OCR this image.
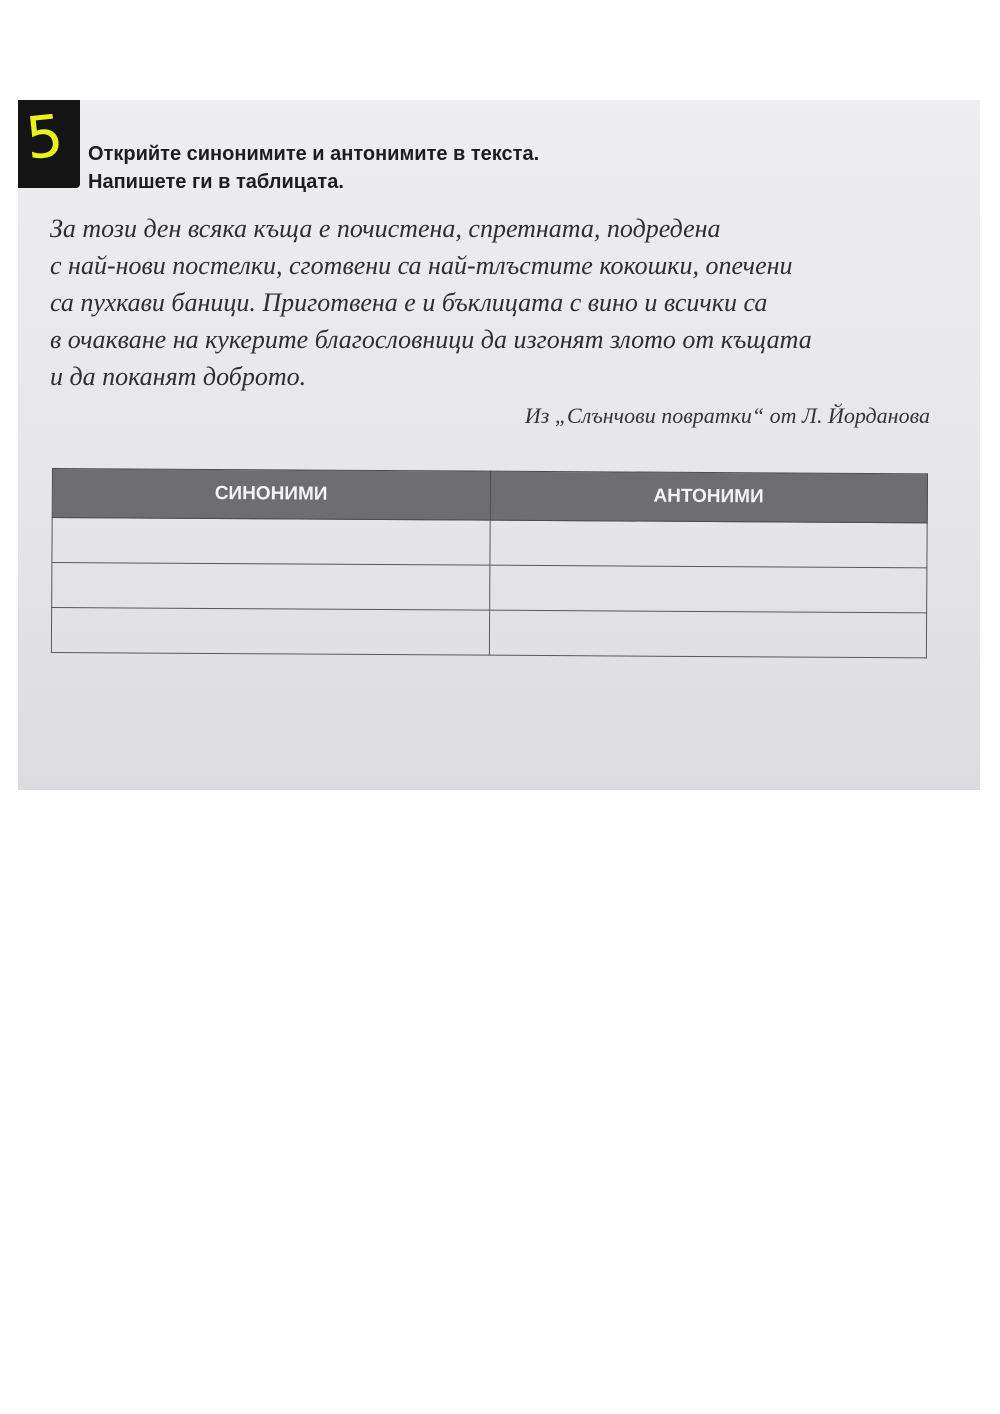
5 Открийте синонимите и антонимите в текста.
Напишете ги в таблицата.
За този ден всяка къща е почистена, спретната, подредена
с най-нови постелки, сготвени са най-тлъстите кокошки, опечени
са пухкави баници. Приготвена е и бъклицата с вино и всички са
в очакване на кукерите благословници да изгонят злото от къщата
и да поканят доброто.
Из „Слънчови повратки“ от Л. Йорданова
СИНОНИМИ	АНТОНИМИ
